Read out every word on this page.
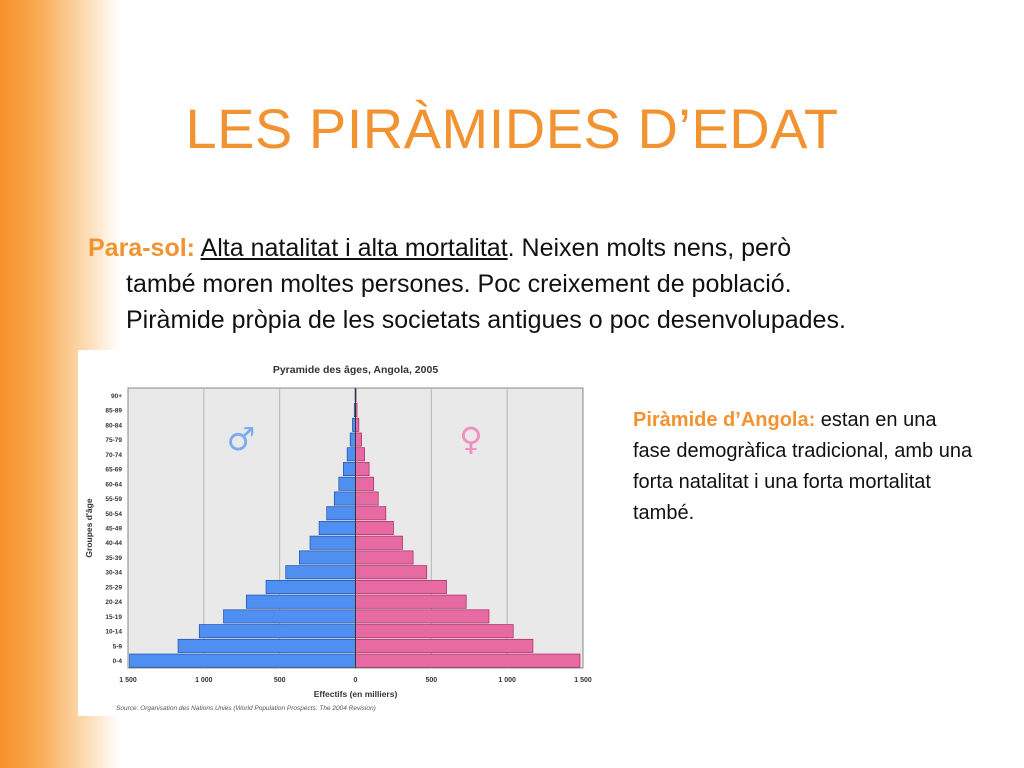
LES PIRÀMIDES D’EDAT
Para-sol: Alta natalitat i alta mortalitat. Neixen molts nens, però
també moren moltes persones. Poc creixement de població.
Piràmide pròpia de les societats antigues o poc desenvolupades.
Pyramide des âges, Angola, 2005
1 500	1 000	500	0	500	1 000	1 500
0-4
5-9
10-14
15-19
20-24
25-29
30-34
35-39
40-44
45-49
50-54
55-59
60-64
65-69
70-74
75-79
80-84
85-89
90+
♂	♀
Groupes d'âge
Effectifs (en milliers)
Source: Organisation des Nations Unies (World Population Prospects: The 2004 Revision)
Piràmide d’Angola: estan en una fase demogràfica tradicional, amb una forta natalitat i una forta mortalitat també.
